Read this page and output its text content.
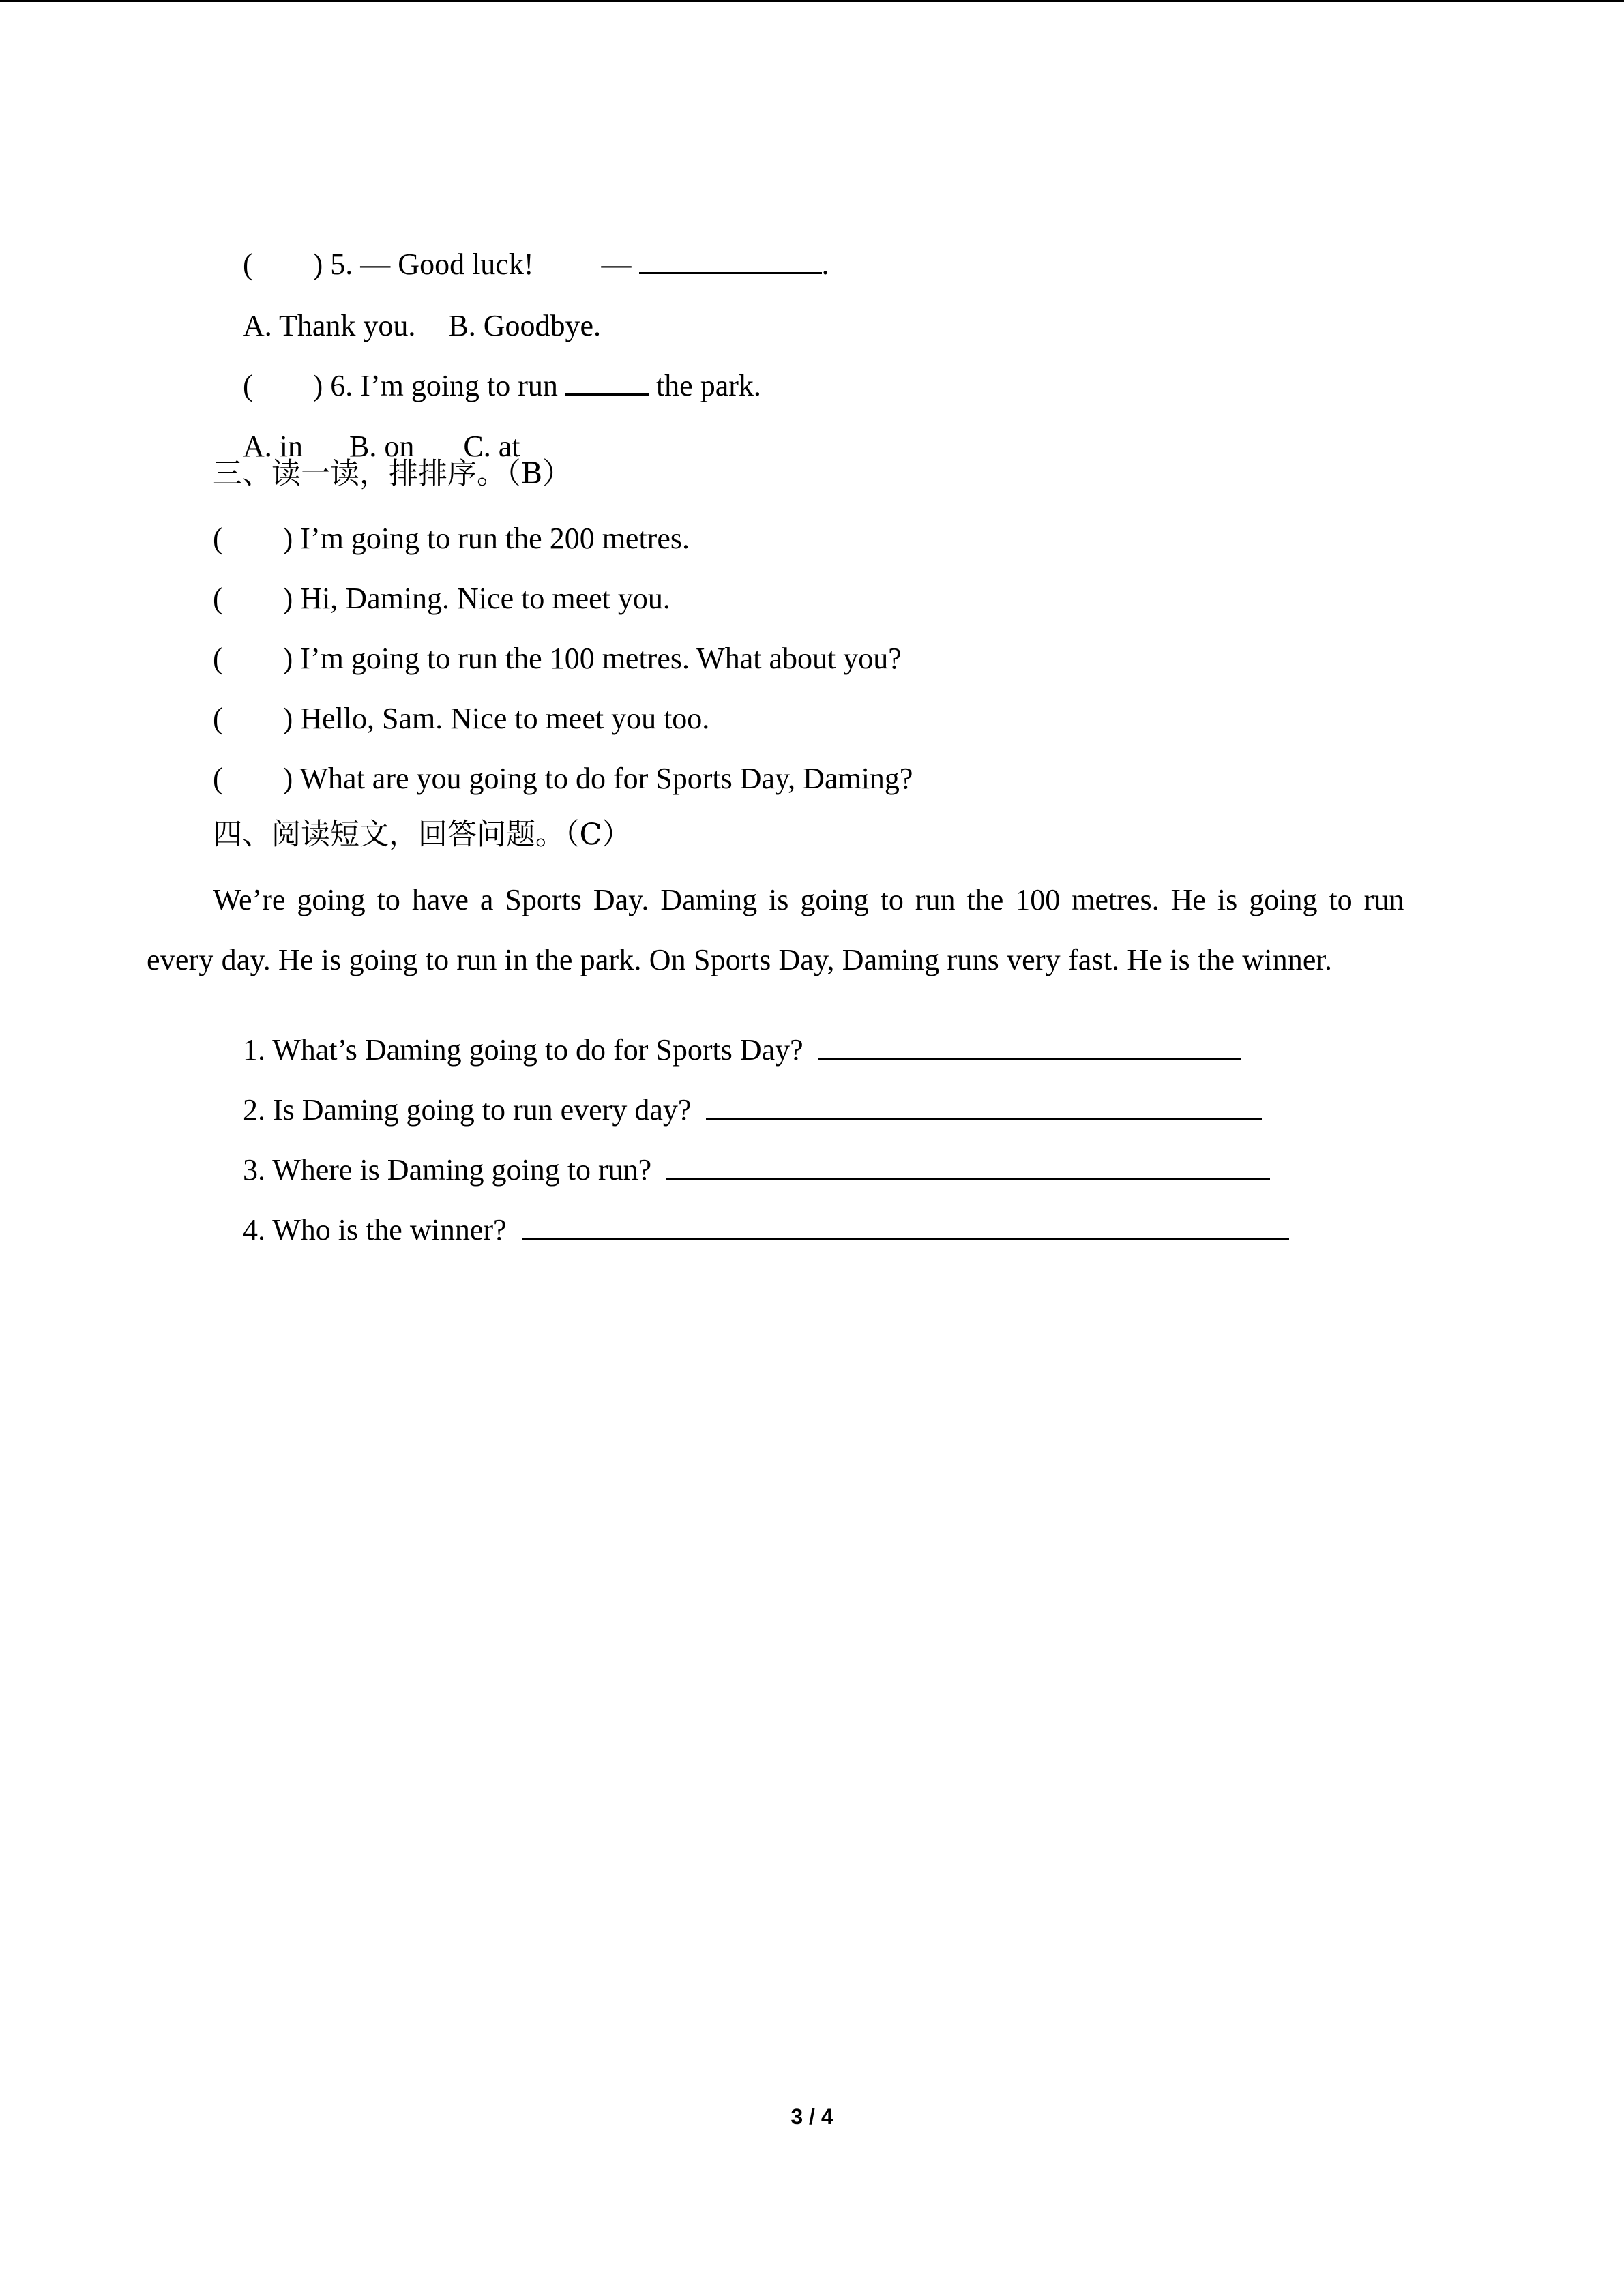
(        ) 5. — Good luck!         —	.

A. Thank you. B. Goodbye.

(        ) 6. I’m going to run	the park.

A. in B. on C. at

三、读一读，排排序。（B）
(        ) I’m going to run the 200 metres.
(        ) Hi, Daming. Nice to meet you.
(        ) I’m going to run the 100 metres. What about you?
(        ) Hello, Sam. Nice to meet you too.
(        ) What are you going to do for Sports Day, Daming?
四、阅读短文，回答问题。（C）
We’re going to have a Sports Day. Daming is going to run the 100 metres. He is going to run
every day. He is going to run in the park. On Sports Day, Daming runs very fast. He is the winner.

1. What’s Daming going to do for Sports Day?

2. Is Daming going to run every day?

3. Where is Daming going to run?

4. Who is the winner?

3 / 4
